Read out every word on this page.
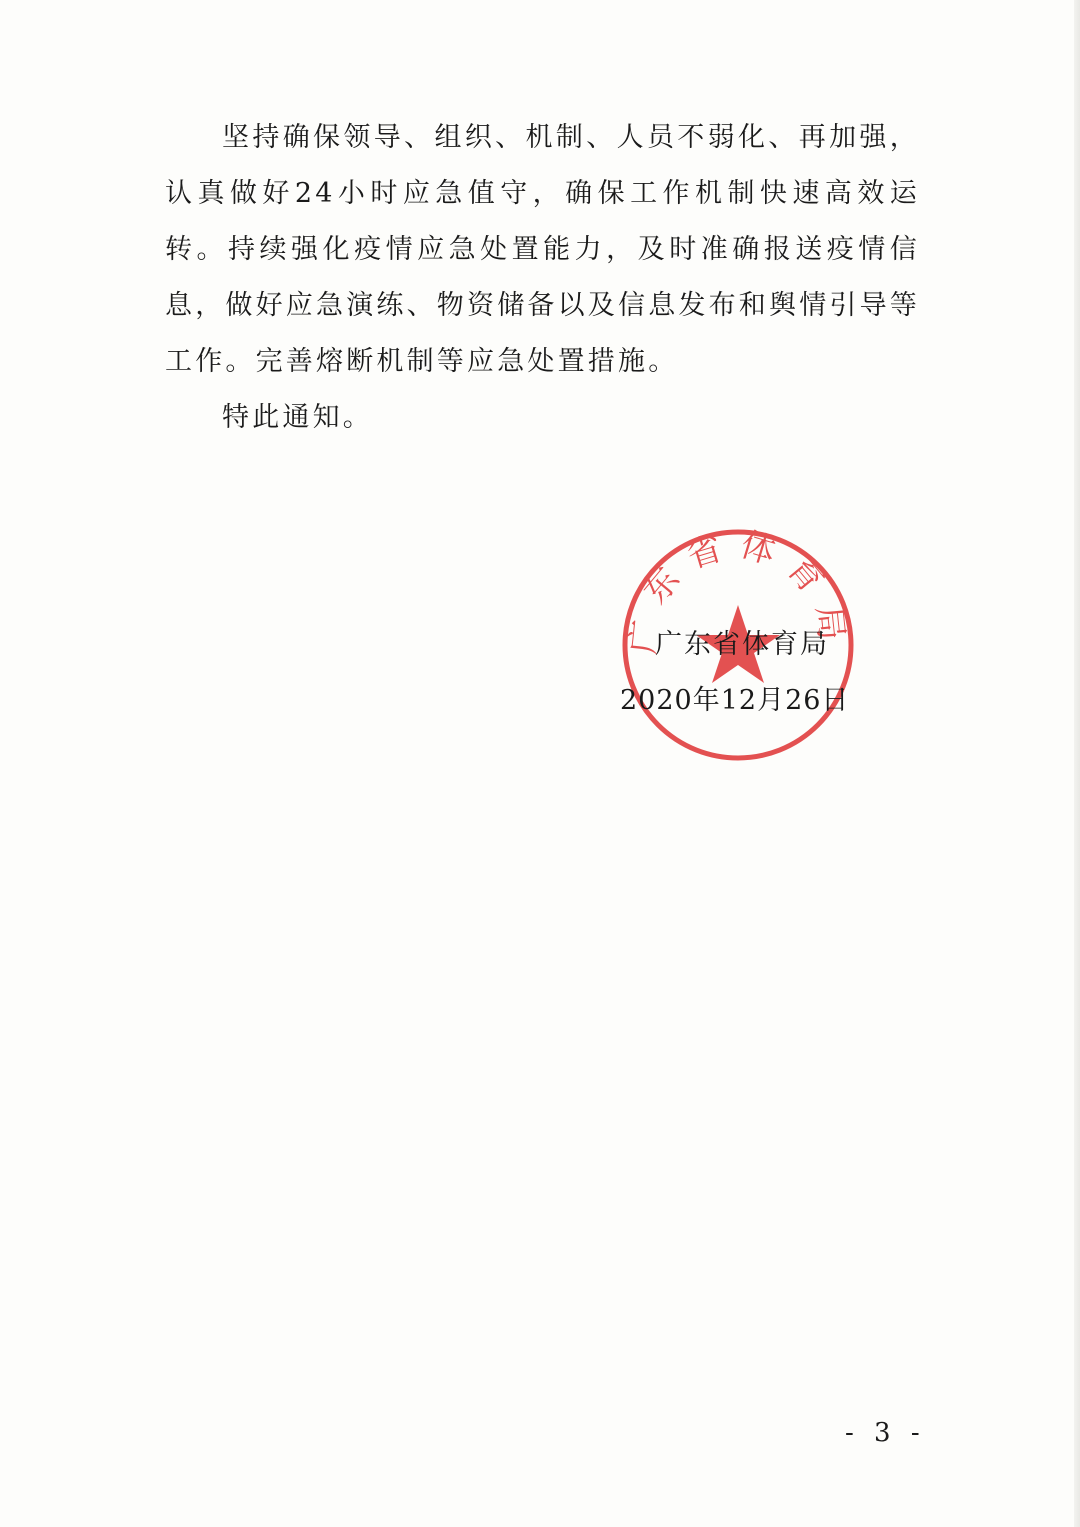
坚持确保领导、组织、机制、人员不弱化、再加强，认真做好24小时应急值守，确保工作机制快速高效运转。持续强化疫情应急处置能力，及时准确报送疫情信息，做好应急演练、物资储备以及信息发布和舆情引导等工作。完善熔断机制等应急处置措施。

特此通知。

广东省体育局
广东省体育局
2020年12月26日
- 3 -
